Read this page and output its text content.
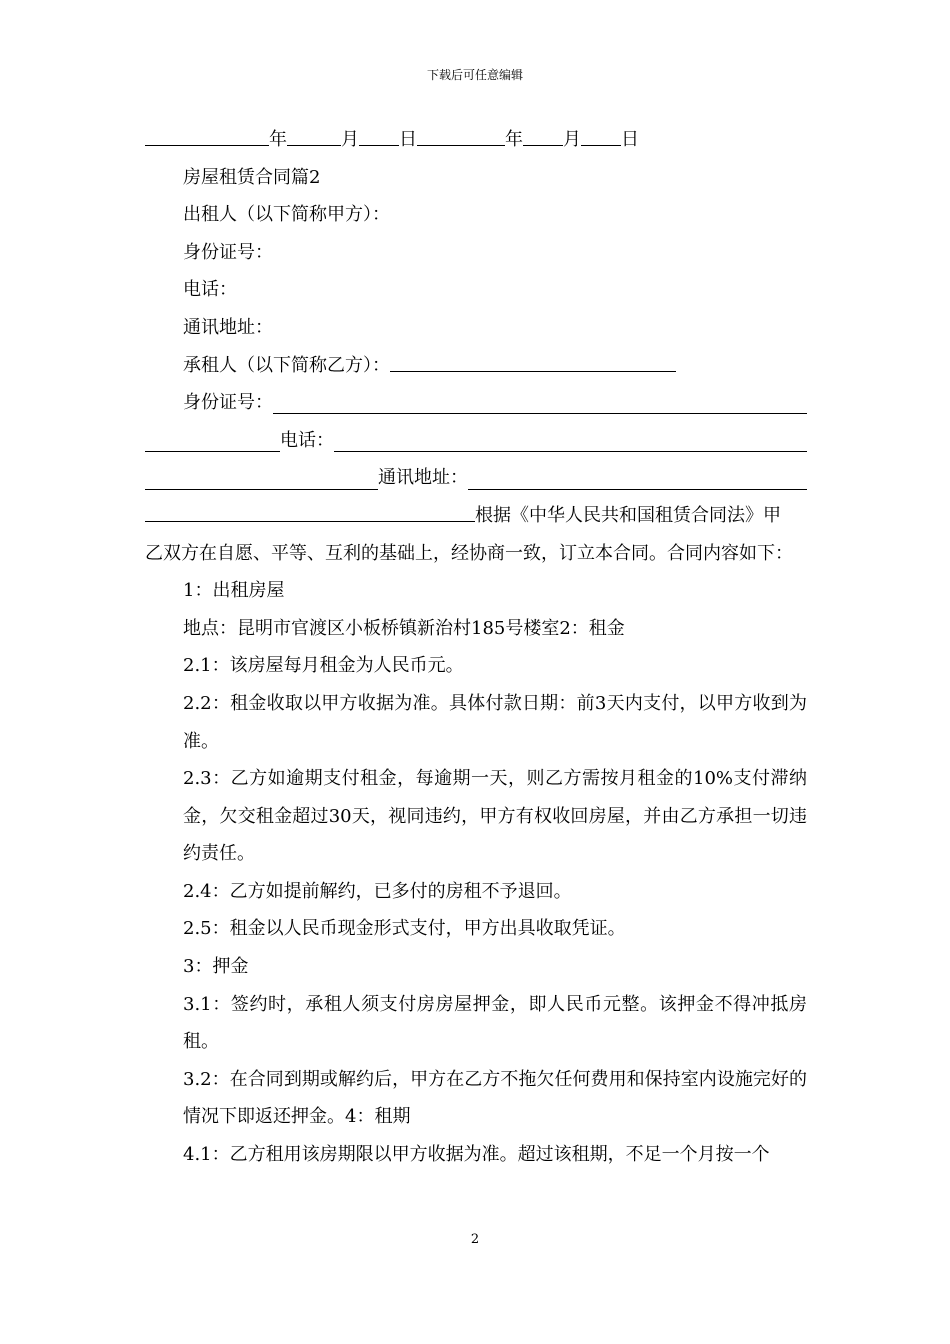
下载后可任意编辑

年	月 日	年 月 日

房屋租赁合同篇2

出租人（以下简称甲方）：

身份证号：

电话：

通讯地址：

承租人（以下简称乙方）：

身份证号：

电话：

通讯地址：

根据《中华人民共和国租赁合同法》甲

乙双方在自愿、平等、互利的基础上，经协商一致，订立本合同。合同内容如下：

1：出租房屋

地点：昆明市官渡区小板桥镇新治村185号楼室2：租金

2.1：该房屋每月租金为人民币元。

2.2：租金收取以甲方收据为准。具体付款日期：前3天内支付，以甲方收到为准。

2.3：乙方如逾期支付租金，每逾期一天，则乙方需按月租金的10%支付滞纳金，欠交租金超过30天，视同违约，甲方有权收回房屋，并由乙方承担一切违约责任。

2.4：乙方如提前解约，已多付的房租不予退回。

2.5：租金以人民币现金形式支付，甲方出具收取凭证。

3：押金

3.1：签约时，承租人须支付房房屋押金，即人民币元整。该押金不得冲抵房租。

3.2：在合同到期或解约后，甲方在乙方不拖欠任何费用和保持室内设施完好的情况下即返还押金。4：租期

4.1：乙方租用该房期限以甲方收据为准。超过该租期，不足一个月按一个

2
